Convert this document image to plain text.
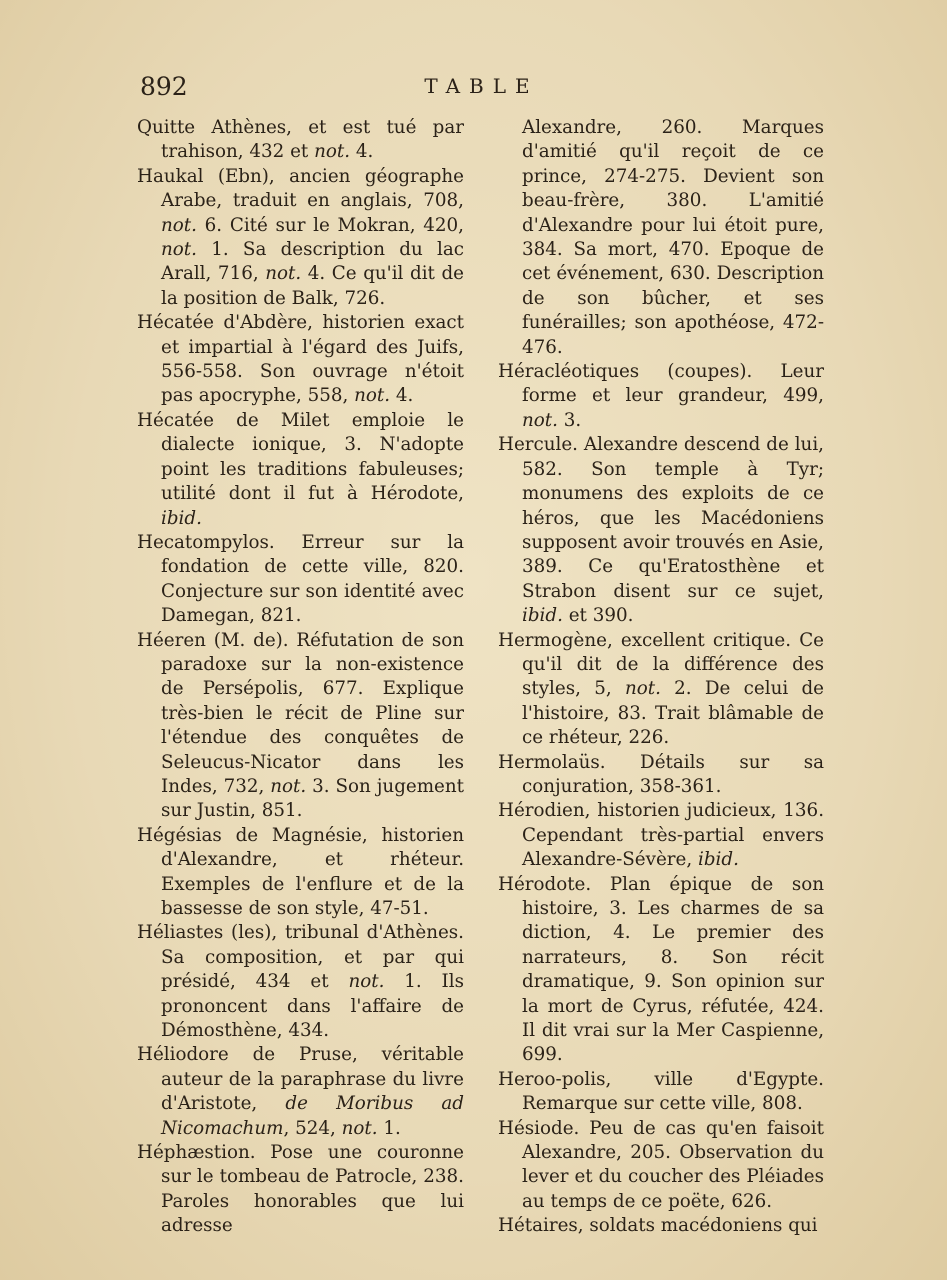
892	TABLE

Quitte Athènes, et est tué par trahison, 432 et not. 4.

Haukal (Ebn), ancien géographe Arabe, traduit en anglais, 708, not. 6. Cité sur le Mokran, 420, not. 1. Sa description du lac Arall, 716, not. 4. Ce qu'il dit de la position de Balk, 726.

Hécatée d'Abdère, historien exact et impartial à l'égard des Juifs, 556-558. Son ouvrage n'étoit pas apocryphe, 558, not. 4.

Hécatée de Milet emploie le dialecte ionique, 3. N'adopte point les traditions fabuleuses; utilité dont il fut à Hérodote, ibid.

Hecatompylos. Erreur sur la fondation de cette ville, 820. Conjecture sur son identité avec Damegan, 821.

Héeren (M. de). Réfutation de son paradoxe sur la non-existence de Persépolis, 677. Explique très-bien le récit de Pline sur l'étendue des conquêtes de Seleucus-Nicator dans les Indes, 732, not. 3. Son jugement sur Justin, 851.

Hégésias de Magnésie, historien d'Alexandre, et rhéteur. Exemples de l'enflure et de la bassesse de son style, 47-51.

Héliastes (les), tribunal d'Athènes. Sa composition, et par qui présidé, 434 et not. 1. Ils prononcent dans l'affaire de Démosthène, 434.

Héliodore de Pruse, véritable auteur de la paraphrase du livre d'Aristote, de Moribus ad Nicomachum, 524, not. 1.

Héphæstion. Pose une couronne sur le tombeau de Patrocle, 238. Paroles honorables que lui adresse

Alexandre, 260. Marques d'amitié qu'il reçoit de ce prince, 274-275. Devient son beau-frère, 380. L'amitié d'Alexandre pour lui étoit pure, 384. Sa mort, 470. Epoque de cet événement, 630. Description de son bûcher, et ses funérailles; son apothéose, 472-476.

Héracléotiques (coupes). Leur forme et leur grandeur, 499, not. 3.

Hercule. Alexandre descend de lui, 582. Son temple à Tyr; monumens des exploits de ce héros, que les Macédoniens supposent avoir trouvés en Asie, 389. Ce qu'Eratosthène et Strabon disent sur ce sujet, ibid. et 390.

Hermogène, excellent critique. Ce qu'il dit de la différence des styles, 5, not. 2. De celui de l'histoire, 83. Trait blâmable de ce rhéteur, 226.

Hermolaüs. Détails sur sa conjuration, 358-361.

Hérodien, historien judicieux, 136. Cependant très-partial envers Alexandre-Sévère, ibid.

Hérodote. Plan épique de son histoire, 3. Les charmes de sa diction, 4. Le premier des narrateurs, 8. Son récit dramatique, 9. Son opinion sur la mort de Cyrus, réfutée, 424. Il dit vrai sur la Mer Caspienne, 699.

Heroo-polis, ville d'Egypte. Remarque sur cette ville, 808.

Hésiode. Peu de cas qu'en faisoit Alexandre, 205. Observation du lever et du coucher des Pléiades au temps de ce poëte, 626.

Hétaires, soldats macédoniens qui
